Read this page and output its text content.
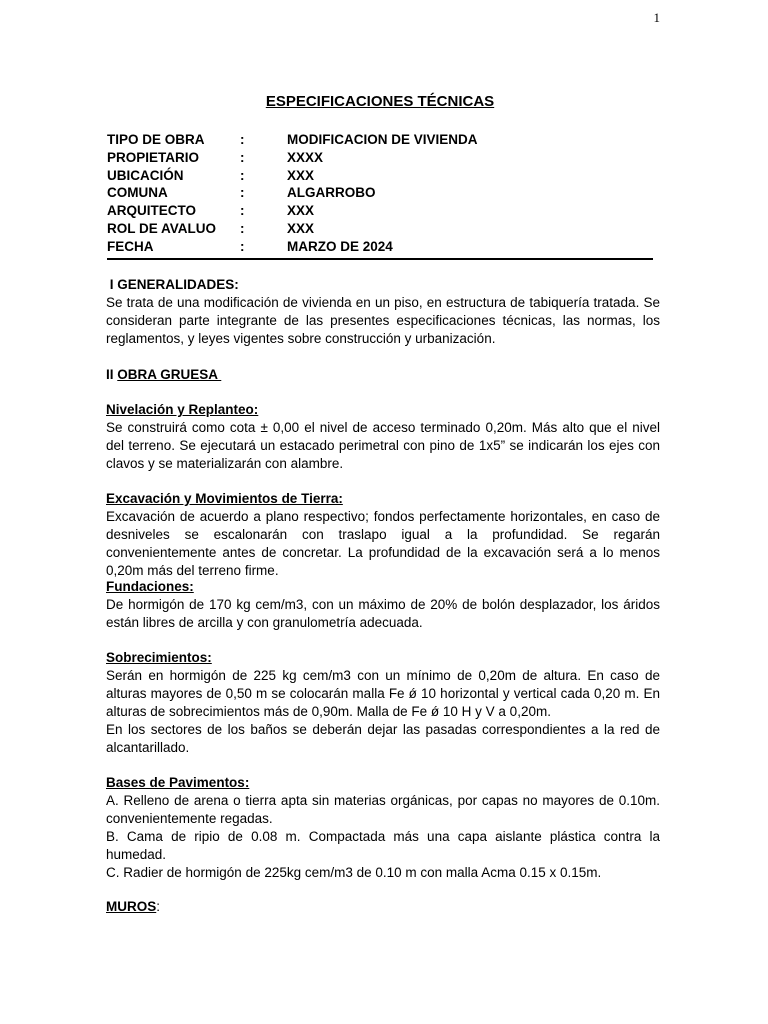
1
ESPECIFICACIONES TÉCNICAS
TIPO DE OBRA	:	MODIFICACION DE VIVIENDA
PROPIETARIO	:	XXXX
UBICACIÓN	:	XXX
COMUNA	:	ALGARROBO
ARQUITECTO	:	XXX
ROL DE AVALUO	:	XXX
FECHA	:	MARZO DE 2024
I GENERALIDADES:

Se trata de una modificación de vivienda en un piso, en estructura de tabiquería tratada. Se consideran parte integrante de las presentes especificaciones técnicas, las normas, los reglamentos, y leyes vigentes sobre construcción y urbanización.

II OBRA GRUESA
Nivelación y Replanteo:

Se construirá como cota ± 0,00 el nivel de acceso terminado 0,20m. Más alto que el nivel del terreno. Se ejecutará un estacado perimetral con pino de 1x5” se indicarán los ejes con clavos y se materializarán con alambre.

Excavación y Movimientos de Tierra:

Excavación de acuerdo a plano respectivo; fondos perfectamente horizontales, en caso de desniveles se escalonarán con traslapo igual a la profundidad. Se regarán convenientemente antes de concretar. La profundidad de la excavación será a lo menos 0,20m más del terreno firme.

Fundaciones:

De hormigón de 170 kg cem/m3, con un máximo de 20% de bolón desplazador, los áridos están libres de arcilla y con granulometría adecuada.

Sobrecimientos:

Serán en hormigón de 225 kg cem/m3 con un mínimo de 0,20m de altura. En caso de alturas mayores de 0,50 m se colocarán malla Fe ǿ 10 horizontal y vertical cada 0,20 m. En alturas de sobrecimientos más de 0,90m. Malla de Fe ǿ 10 H y V a 0,20m.

En los sectores de los baños se deberán dejar las pasadas correspondientes a la red de alcantarillado.

Bases de Pavimentos:

A. Relleno de arena o tierra apta sin materias orgánicas, por capas no mayores de 0.10m. convenientemente regadas.

B. Cama de ripio de 0.08 m. Compactada más una capa aislante plástica contra la humedad.

C. Radier de hormigón de 225kg cem/m3 de 0.10 m con malla Acma 0.15 x 0.15m.

MUROS:
